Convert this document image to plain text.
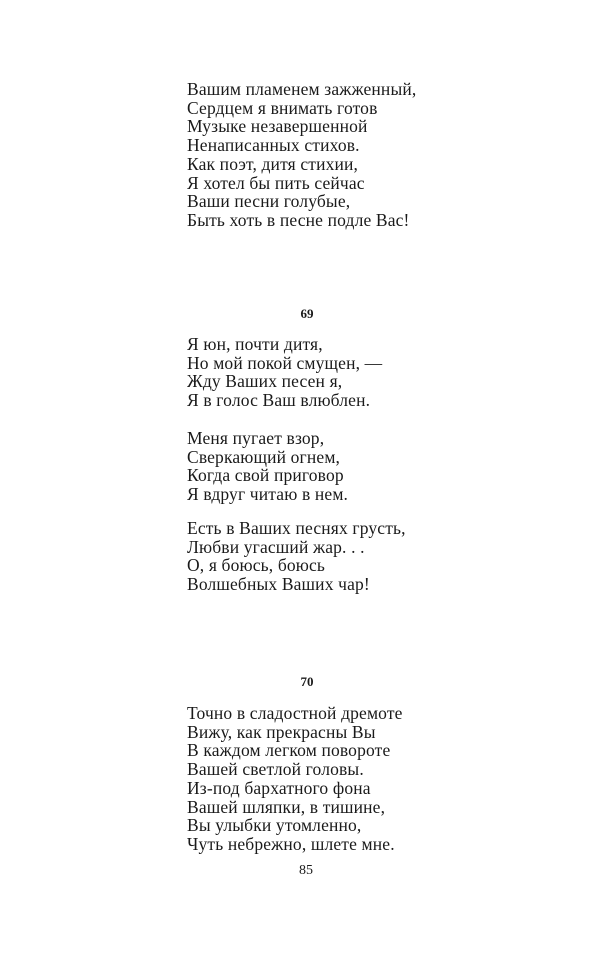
Вашим пламенем зажженный,
Сердцем я внимать готов
Музыке незавершенной
Ненаписанных стихов.
Как поэт, дитя стихии,
Я хотел бы пить сейчас
Ваши песни голубые,
Быть хоть в песне подле Вас!
69
Я юн, почти дитя,
Но мой покой смущен, —
Жду Ваших песен я,
Я в голос Ваш влюблен.
Меня пугает взор,
Сверкающий огнем,
Когда свой приговор
Я вдруг читаю в нем.
Есть в Ваших песнях грусть,
Любви угасший жар. . .
О, я боюсь, боюсь
Волшебных Ваших чар!
70
Точно в сладостной дремоте
Вижу, как прекрасны Вы
В каждом легком повороте
Вашей светлой головы.
Из-под бархатного фона
Вашей шляпки, в тишине,
Вы улыбки утомленно,
Чуть небрежно, шлете мне.
85
